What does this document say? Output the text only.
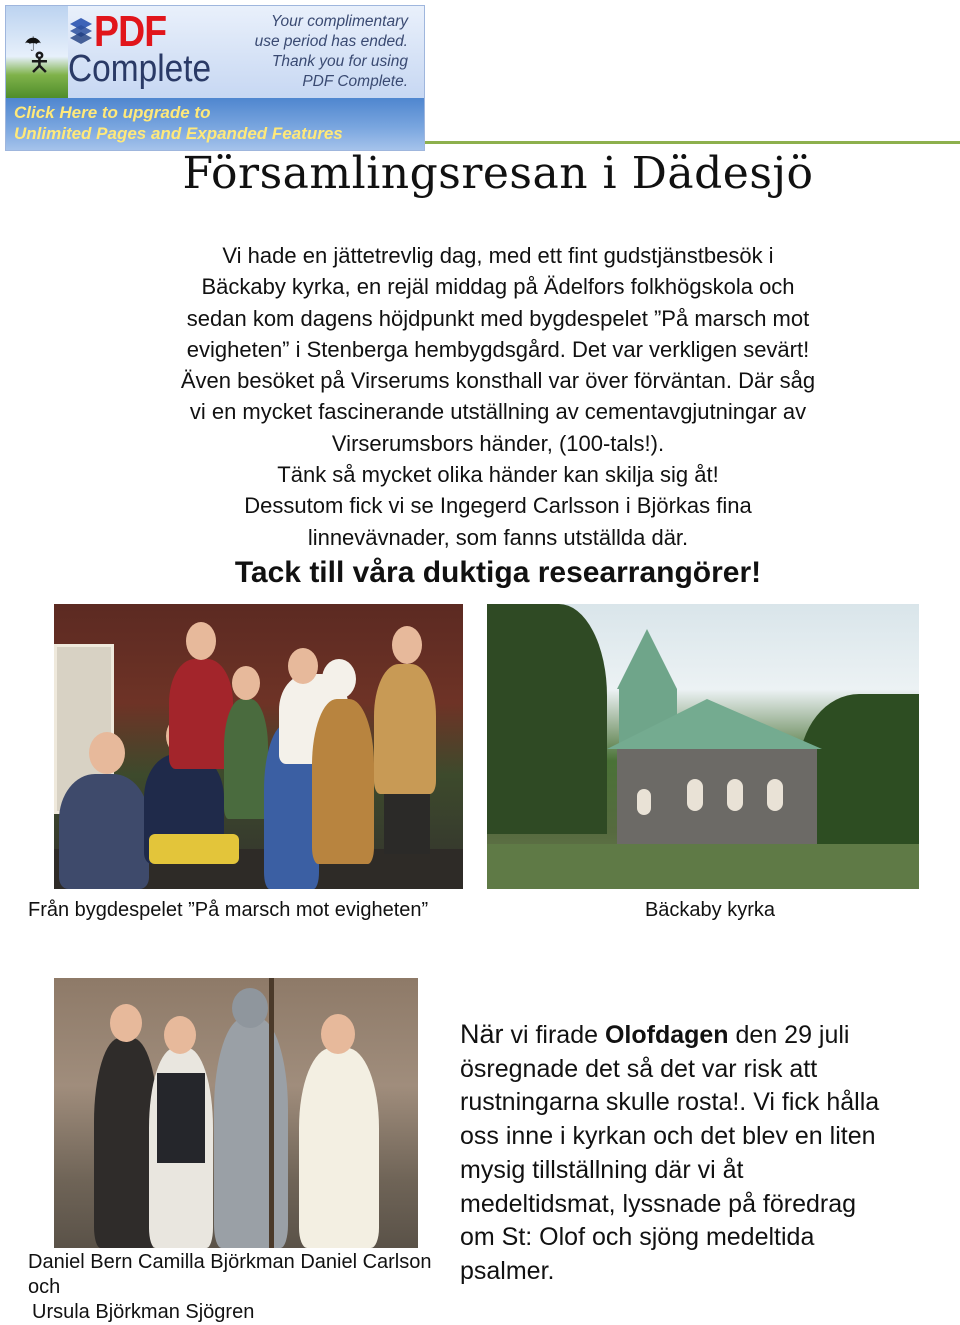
☂
🯅
PDF
Complete
Your complimentary
use period has ended.
Thank you for using
PDF Complete.
Click Here to upgrade to
Unlimited Pages and Expanded Features
Församlingsresan i Dädesjö

Vi hade en jättetrevlig dag, med ett fint gudstjänstbesök i

Bäckaby kyrka, en rejäl middag på Ädelfors folkhögskola och

sedan kom dagens höjdpunkt med bygdespelet ”På marsch mot

evigheten” i Stenberga hembygdsgård. Det var verkligen sevärt!

Även besöket på Virserums konsthall var över förväntan. Där såg

vi en mycket fascinerande utställning av cementavgjutningar av

Virserumsbors händer, (100-tals!).

Tänk så mycket olika händer kan skilja sig åt!

Dessutom fick vi se Ingegerd Carlsson i Björkas fina

linnevävnader, som fanns utställda där.

Tack till våra duktiga researrangörer!

Från bygdespelet ”På marsch mot evigheten”	Bäckaby kyrka

Daniel Bern Camilla Björkman Daniel Carlson och
Ursula Björkman Sjögren
När vi firade Olofdagen den 29 juli
ösregnade det så det var risk att
rustningarna skulle rosta!. Vi fick hålla
oss inne i kyrkan och det blev en liten
mysig tillställning där vi åt
medeltidsmat, lyssnade på föredrag
om St: Olof och sjöng medeltida
psalmer.
